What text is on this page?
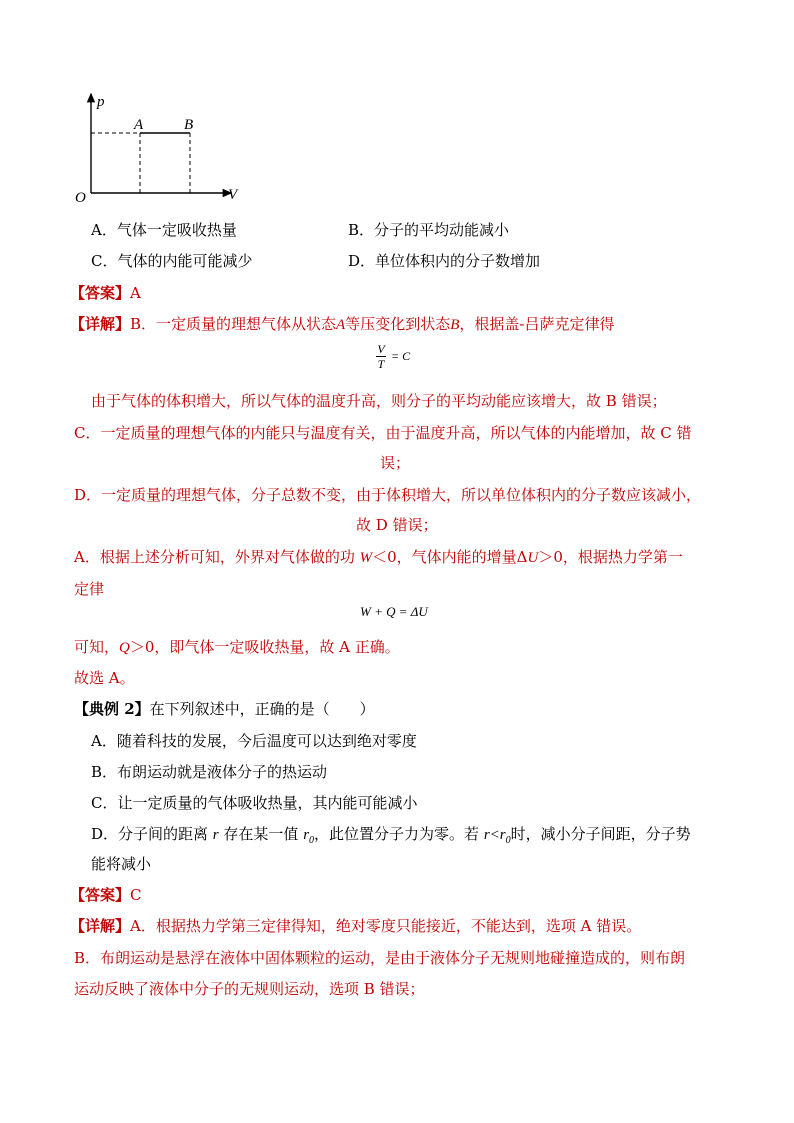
p
V
O
A	B
A．气体一定吸收热量	B．分子的平均动能减小
C．气体的内能可能减少	D．单位体积内的分子数增加
【答案】A
【详解】B．一定质量的理想气体从状态A等压变化到状态B，根据盖-吕萨克定律得
$\frac{V}{T} = C$
由于气体的体积增大，所以气体的温度升高，则分子的平均动能应该增大，故 B 错误；
C．一定质量的理想气体的内能只与温度有关，由于温度升高，所以气体的内能增加，故 C 错
误；
D．一定质量的理想气体，分子总数不变，由于体积增大，所以单位体积内的分子数应该减小，
故 D 错误；
A．根据上述分析可知，外界对气体做的功 W＜0，气体内能的增量ΔU＞0，根据热力学第一
定律
W + Q = ΔU
可知，Q＞0，即气体一定吸收热量，故 A 正确。
故选 A。
【典例 2】在下列叙述中，正确的是（　　）
A．随着科技的发展，今后温度可以达到绝对零度
B．布朗运动就是液体分子的热运动
C．让一定质量的气体吸收热量，其内能可能减小
D．分子间的距离 r 存在某一值 $r_0$，此位置分子力为零。若 $r<r_0$时，减小分子间距，分子势
能将减小
【答案】C
【详解】A．根据热力学第三定律得知，绝对零度只能接近，不能达到，选项 A 错误。
B．布朗运动是悬浮在液体中固体颗粒的运动，是由于液体分子无规则地碰撞造成的，则布朗
运动反映了液体中分子的无规则运动，选项 B 错误；
